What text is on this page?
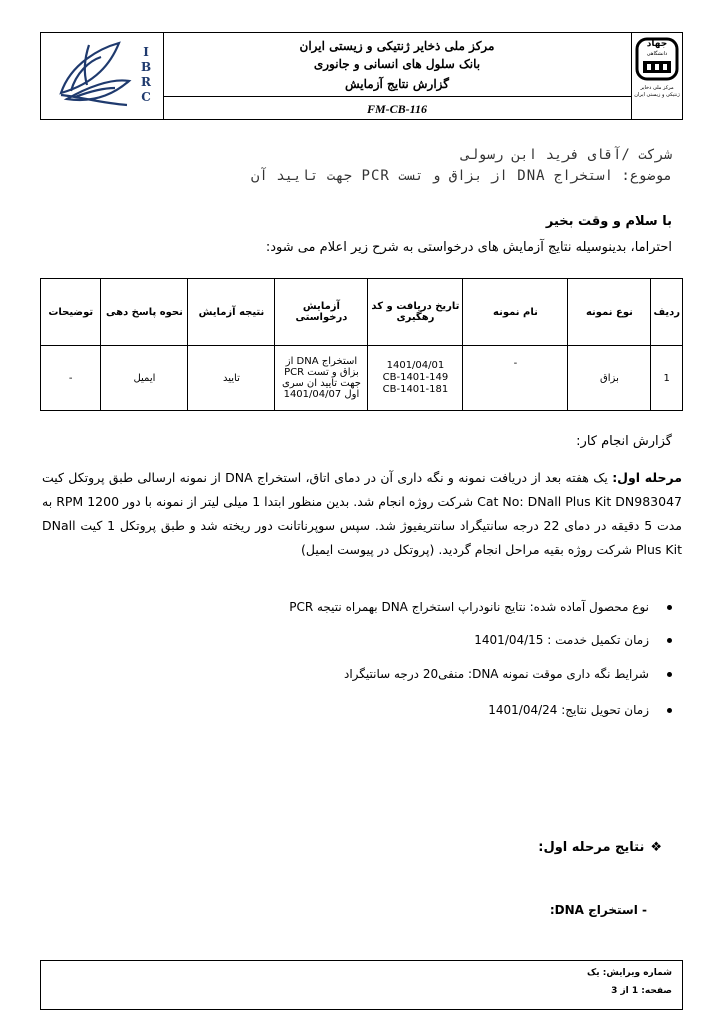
IBRC
مرکز ملی ذخایر ژنتیکی و زیستی ایران
بانک سلول های انسانی و جانوری
گزارش نتایج آزمایش
FM-CB-116
جهاد
دانشگاهی
مرکز ملی ذخایر ژنتیکی و زیستی ایران
شرکت /آقای فرید ابن رسولی
موضوع: استخراج DNA از بزاق و تست PCR جهت تایید آن
با سلام و وقت بخیر
احتراما، بدینوسیله نتایج آزمایش های درخواستی به شرح زیر اعلام می شود:
ردیف	نوع نمونه	نام نمونه	تاریخ دریافت و کد رهگیری	آزمایش درخواستی	نتیجه آزمایش	نحوه پاسخ دهی	توضیحات
1	بزاق	-	1401/04/01
CB-1401-149
CB-1401-181	استخراج DNA از بزاق و تست PCR جهت تایید ان سری اول 1401/04/07	تایید	ایمیل	-
گزارش انجام کار:
مرحله اول: یک هفته بعد از دریافت نمونه و نگه داری آن در دمای اتاق، استخراج DNA از نمونه ارسالی طبق پروتکل کیت Cat No: DNall Plus Kit DN983047 شرکت روژه انجام شد. بدین منظور ابتدا 1 میلی لیتر از نمونه با دور 1200 RPM به مدت 5 دقیقه در دمای 22 درجه سانتیگراد سانتریفیوژ شد. سپس سوپرناتانت دور ریخته شد و طبق پروتکل 1 کیت DNall Plus Kit شرکت روژه بقیه مراحل انجام گردید. (پروتکل در پیوست ایمیل)
نوع محصول آماده شده: نتایج نانودراپ استخراج DNA بهمراه نتیجه PCR
زمان تکمیل خدمت : 1401/04/15
شرایط نگه داری موقت نمونه DNA: منفی20 درجه سانتیگراد
زمان تحویل نتایج: 1401/04/24
❖نتایج مرحله اول:
- استخراج DNA:
شماره ویرایش: یک
صفحه: 1 از 3
